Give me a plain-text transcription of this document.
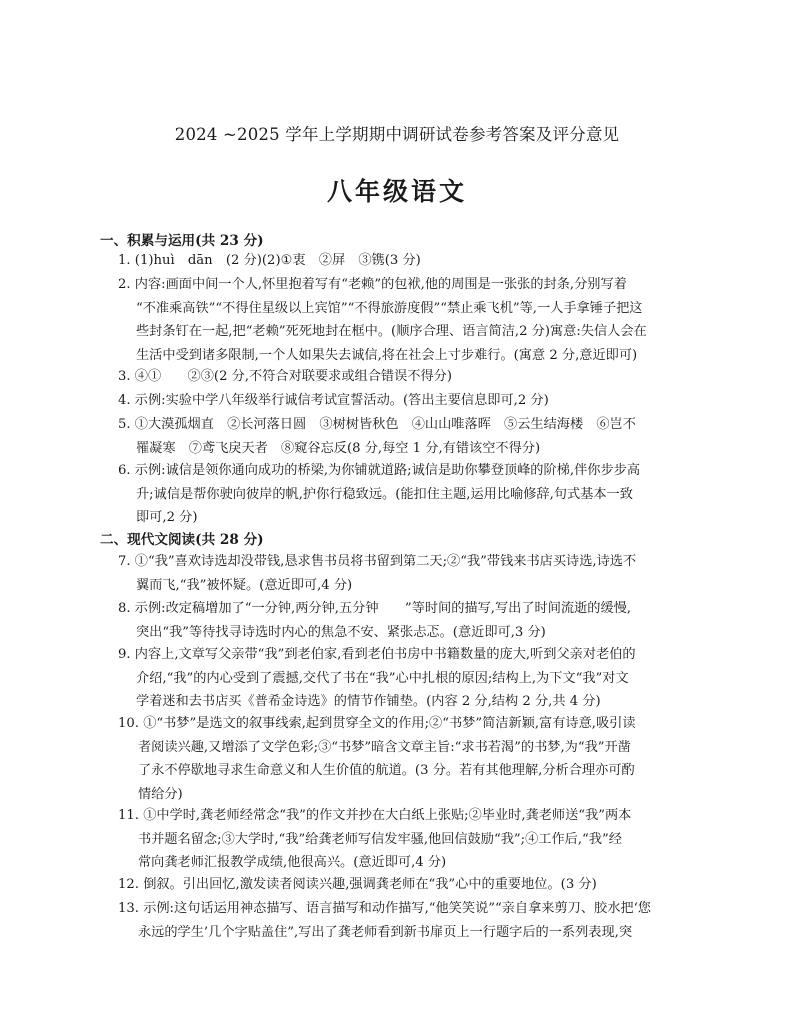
2024 ~2025 学年上学期期中调研试卷参考答案及评分意见
八年级语文
一、积累与运用(共 23 分)
1. (1)huì　dān　(2 分)(2)①衷　②屏　③镌(3 分)
2. 内容:画面中间一个人,怀里抱着写有“老赖”的包袱,他的周围是一张张的封条,分别写着
“不准乘高铁”“不得住星级以上宾馆”“不得旅游度假”“禁止乘飞机”等,一人手拿锤子把这
些封条钉在一起,把“老赖”死死地封在框中。(顺序合理、语言简洁,2 分)寓意:失信人会在
生活中受到诸多限制,一个人如果失去诚信,将在社会上寸步难行。(寓意 2 分,意近即可)
3. ④①　　②③(2 分,不符合对联要求或组合错误不得分)
4. 示例:实验中学八年级举行诚信考试宣誓活动。(答出主要信息即可,2 分)
5. ①大漠孤烟直　②长河落日圆　③树树皆秋色　④山山唯落晖　⑤云生结海楼　⑥岂不
罹凝寒　⑦鸢飞戾天者　⑧窥谷忘反(8 分,每空 1 分,有错该空不得分)
6. 示例:诚信是领你通向成功的桥梁,为你铺就道路;诚信是助你攀登顶峰的阶梯,伴你步步高
升;诚信是帮你驶向彼岸的帆,护你行稳致远。(能扣住主题,运用比喻修辞,句式基本一致
即可,2 分)
二、现代文阅读(共 28 分)
7. ①“我”喜欢诗选却没带钱,恳求售书员将书留到第二天;②“我”带钱来书店买诗选,诗选不
翼而飞,“我”被怀疑。(意近即可,4 分)
8. 示例:改定稿增加了“一分钟,两分钟,五分钟　　”等时间的描写,写出了时间流逝的缓慢,
突出“我”等待找寻诗选时内心的焦急不安、紧张忐忑。(意近即可,3 分)
9. 内容上,文章写父亲带“我”到老伯家,看到老伯书房中书籍数量的庞大,听到父亲对老伯的
介绍,“我”的内心受到了震撼,交代了书在“我”心中扎根的原因;结构上,为下文“我”对文
学着迷和去书店买《普希金诗选》的情节作铺垫。(内容 2 分,结构 2 分,共 4 分)
10. ①“书梦”是选文的叙事线索,起到贯穿全文的作用;②“书梦”简洁新颖,富有诗意,吸引读
者阅读兴趣,又增添了文学色彩;③“书梦”暗含文章主旨:“求书若渴”的书梦,为“我”开凿
了永不停歇地寻求生命意义和人生价值的航道。(3 分。若有其他理解,分析合理亦可酌
情给分)
11. ①中学时,龚老师经常念“我”的作文并抄在大白纸上张贴;②毕业时,龚老师送“我”两本
书并题名留念;③大学时,“我”给龚老师写信发牢骚,他回信鼓励“我”;④工作后,“我”经
常向龚老师汇报教学成绩,他很高兴。(意近即可,4 分)
12. 倒叙。引出回忆,激发读者阅读兴趣,强调龚老师在“我”心中的重要地位。(3 分)
13. 示例:这句话运用神态描写、语言描写和动作描写,“他笑笑说”“亲自拿来剪刀、胶水把‘您
永远的学生’几个字贴盖住”,写出了龚老师看到新书扉页上一行题字后的一系列表现,突
